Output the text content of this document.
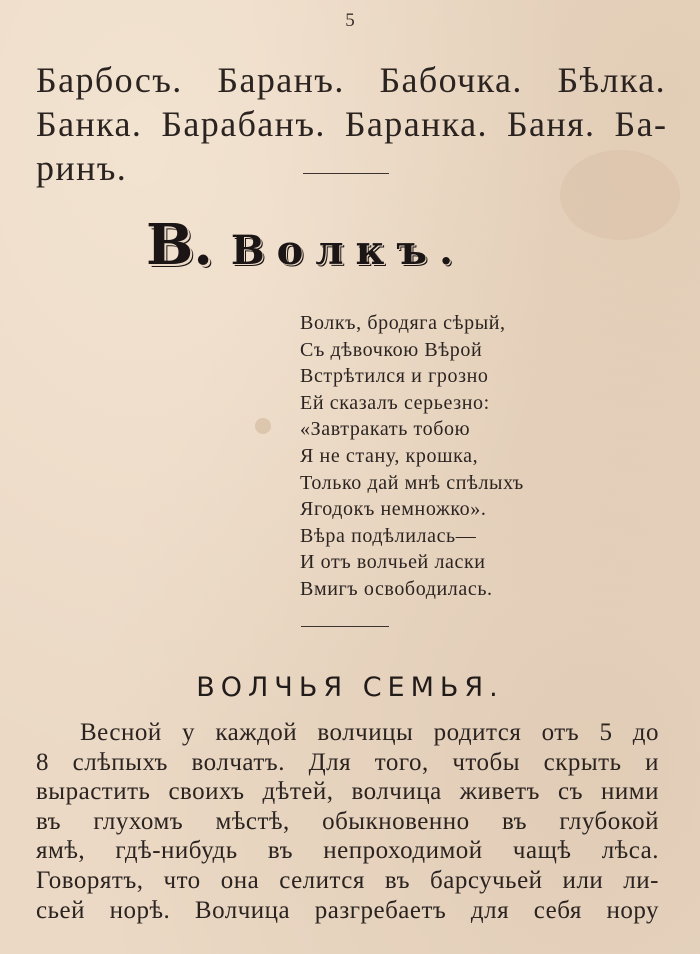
5

Барбосъ. Баранъ. Бабочка. Бѣлка. Банка. Барабанъ. Баранка. Баня. Баринъ.

В. Волкъ.
Волкъ, бродяга сѣрый,
Съ дѣвочкою Вѣрой
Встрѣтился и грозно
Ей сказалъ серьезно:
«Завтракать тобою
Я не стану, крошка,
Только дай мнѣ спѣлыхъ
Ягодокъ немножко».
Вѣра подѣлилась—
И отъ волчьей ласки
Вмигъ освободилась.
ВОЛЧЬЯ СЕМЬЯ.
Весной у каждой волчицы родится отъ 5 до
8 слѣпыхъ волчатъ. Для того, чтобы скрыть и
вырастить своихъ дѣтей, волчица живетъ съ ними
въ глухомъ мѣстѣ, обыкновенно въ глубокой
ямѣ, гдѣ-нибудь въ непроходимой чащѣ лѣса.
Говорятъ, что она селится въ барсучьей или ли-
сьей норѣ. Волчица разгребаетъ для себя нору
